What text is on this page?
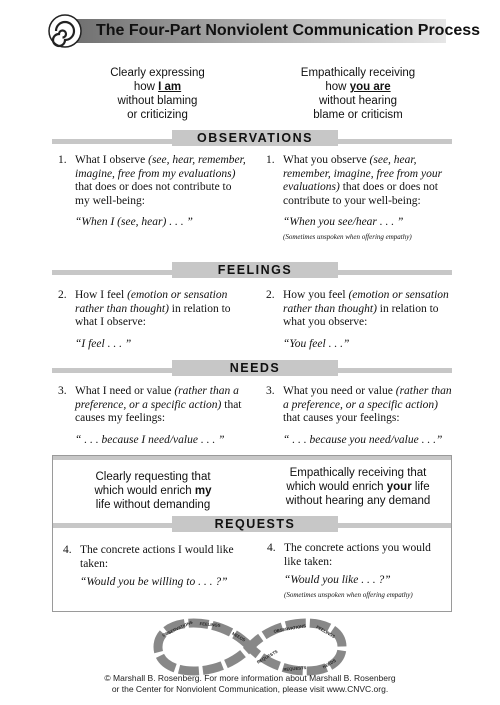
The Four-Part Nonviolent Communication Process
Clearly expressing
how I am
without blaming
or criticizing
Empathically receiving
how you are
without hearing
blame or criticism
OBSERVATIONS
1. What I observe (see, hear, remember, imagine, free from my evaluations) that does or does not contribute to my well-being:
“When I (see, hear) . . . ”
1. What you observe (see, hear, remember, imagine, free from your evaluations) that does or does not contribute to your well-being:
“When you see/hear . . . ”
(Sometimes unspoken when offering empathy)
FEELINGS
2. How I feel (emotion or sensation rather than thought) in relation to what I observe:
“I feel . . . ”
2. How you feel (emotion or sensation rather than thought) in relation to what you observe:
“You feel . . .”
NEEDS
3. What I need or value (rather than a preference, or a specific action) that causes my feelings:
“ . . . because I need/value . . . ”
3. What you need or value (rather than a preference, or a specific action) that causes your feelings:
“ . . . because you need/value . . .”
Clearly requesting that
which would enrich my
life without demanding
Empathically receiving that
which would enrich your life
without hearing any demand
REQUESTS
4. The concrete actions I would like taken:
“Would you be willing to . . . ?”
4. The concrete actions you would like taken:
“Would you like . . . ?”
(Sometimes unspoken when offering empathy)
OBSERVATIONS FEELINGS
NEEDS
REQUESTS
OBSERVATIONS FEELINGS
NEEDS
REQUESTS
© Marshall B. Rosenberg. For more information about Marshall B. Rosenberg
or the Center for Nonviolent Communication, please visit www.CNVC.org.
